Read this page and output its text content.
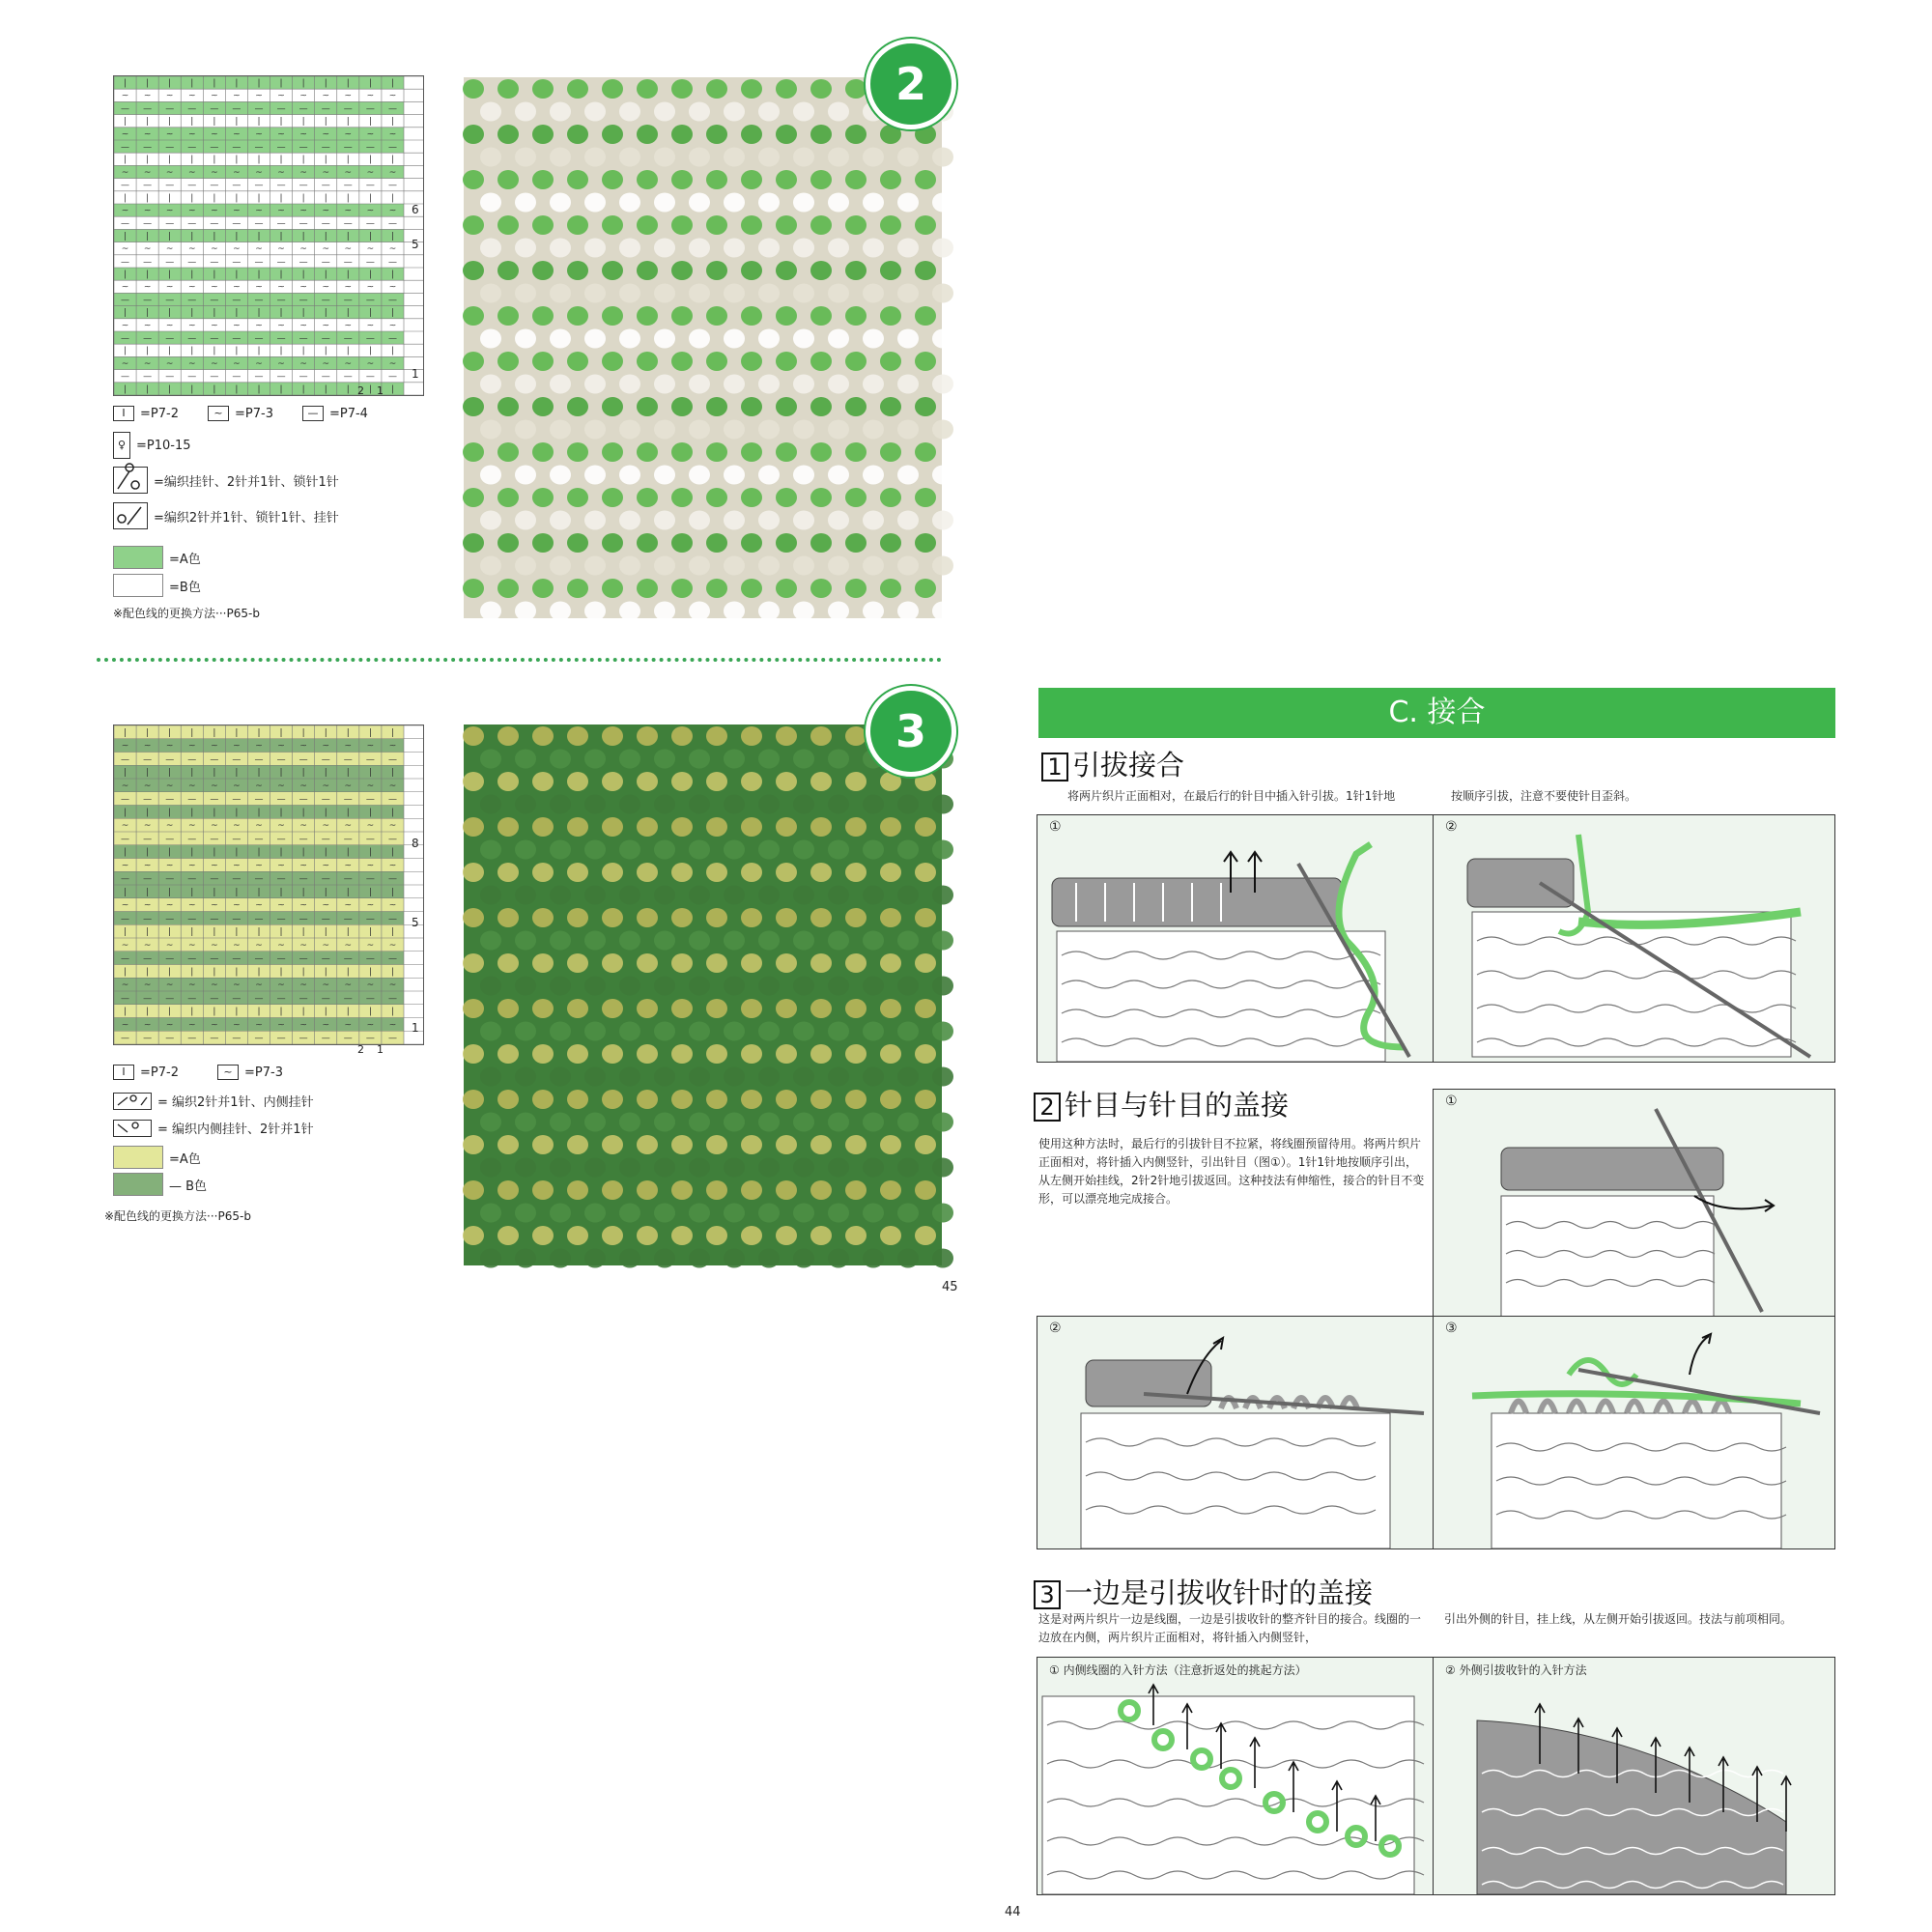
| | | | | | | | | | | | |
~ ~ ~ ~ ~ ~ ~ ~ ~ ~ ~ ~ ~
— — — — — — — — — — — — —
| | | | | | | | | | | | |
~ ~ ~ ~ ~ ~ ~ ~ ~ ~ ~ ~ ~
— — — — — — — — — — — — —
| | | | | | | | | | | | |
~ ~ ~ ~ ~ ~ ~ ~ ~ ~ ~ ~ ~
— — — — — — — — — — — — —
| | | | | | | | | | | | |
~ ~ ~ ~ ~ ~ ~ ~ ~ ~ ~ ~ ~
— — — — — — — — — — — — —
| | | | | | | | | | | | |
~ ~ ~ ~ ~ ~ ~ ~ ~ ~ ~ ~ ~
— — — — — — — — — — — — —
| | | | | | | | | | | | |
~ ~ ~ ~ ~ ~ ~ ~ ~ ~ ~ ~ ~
— — — — — — — — — — — — —
| | | | | | | | | | | | |
~ ~ ~ ~ ~ ~ ~ ~ ~ ~ ~ ~ ~
— — — — — — — — — — — — —
| | | | | | | | | | | | |
~ ~ ~ ~ ~ ~ ~ ~ ~ ~ ~ ~ ~
— — — — — — — — — — — — —
| | | | | | | | | | | | |
6
5
1
2 1
I	=P7-2	~ =P7-3	— =P7-4
♀ =P10-15
=编织挂针、2针并1针、锁针1针
=编织2针并1针、锁针1针、挂针
=A色
=B色
※配色线的更换方法···P65-b
2
| | | | | | | | | | | | |
~ ~ ~ ~ ~ ~ ~ ~ ~ ~ ~ ~ ~
— — — — — — — — — — — — —
| | | | | | | | | | | | |
~ ~ ~ ~ ~ ~ ~ ~ ~ ~ ~ ~ ~
— — — — — — — — — — — — —
| | | | | | | | | | | | |
~ ~ ~ ~ ~ ~ ~ ~ ~ ~ ~ ~ ~
— — — — — — — — — — — — —
| | | | | | | | | | | | |
~ ~ ~ ~ ~ ~ ~ ~ ~ ~ ~ ~ ~
— — — — — — — — — — — — —
| | | | | | | | | | | | |
~ ~ ~ ~ ~ ~ ~ ~ ~ ~ ~ ~ ~
— — — — — — — — — — — — —
| | | | | | | | | | | | |
~ ~ ~ ~ ~ ~ ~ ~ ~ ~ ~ ~ ~
— — — — — — — — — — — — —
| | | | | | | | | | | | |
~ ~ ~ ~ ~ ~ ~ ~ ~ ~ ~ ~ ~
— — — — — — — — — — — — —
| | | | | | | | | | | | |
~ ~ ~ ~ ~ ~ ~ ~ ~ ~ ~ ~ ~
— — — — — — — — — — — — —
8
5
1
2 1
I	=P7-2	~ =P7-3
= 编织2针并1针、内侧挂针
= 编织内侧挂针、2针并1针
=A色
— B色
※配色线的更换方法···P65-b
3
45
C. 接合
1 引拔接合
将两片织片正面相对，在最后行的针目中插入针引拔。1针1针地	按顺序引拔，注意不要使针目歪斜。
①	②
2 针目与针目的盖接
使用这种方法时，最后行的引拔针目不拉紧，将线圈预留待用。将两片织片正面相对，将针插入内侧竖针，引出针目（图①）。1针1针地按顺序引出，从左侧开始挂线，2针2针地引拔返回。这种技法有伸缩性，接合的针目不变形，可以漂亮地完成接合。
①
②	③
3 一边是引拔收针时的盖接
这是对两片织片一边是线圈，一边是引拔收针的整齐针目的接合。线圈的一边放在内侧，两片织片正面相对，将针插入内侧竖针，
引出外侧的针目，挂上线，从左侧开始引拔返回。技法与前项相同。
① 内侧线圈的入针方法（注意折返处的挑起方法）	② 外侧引拔收针的入针方法
44
